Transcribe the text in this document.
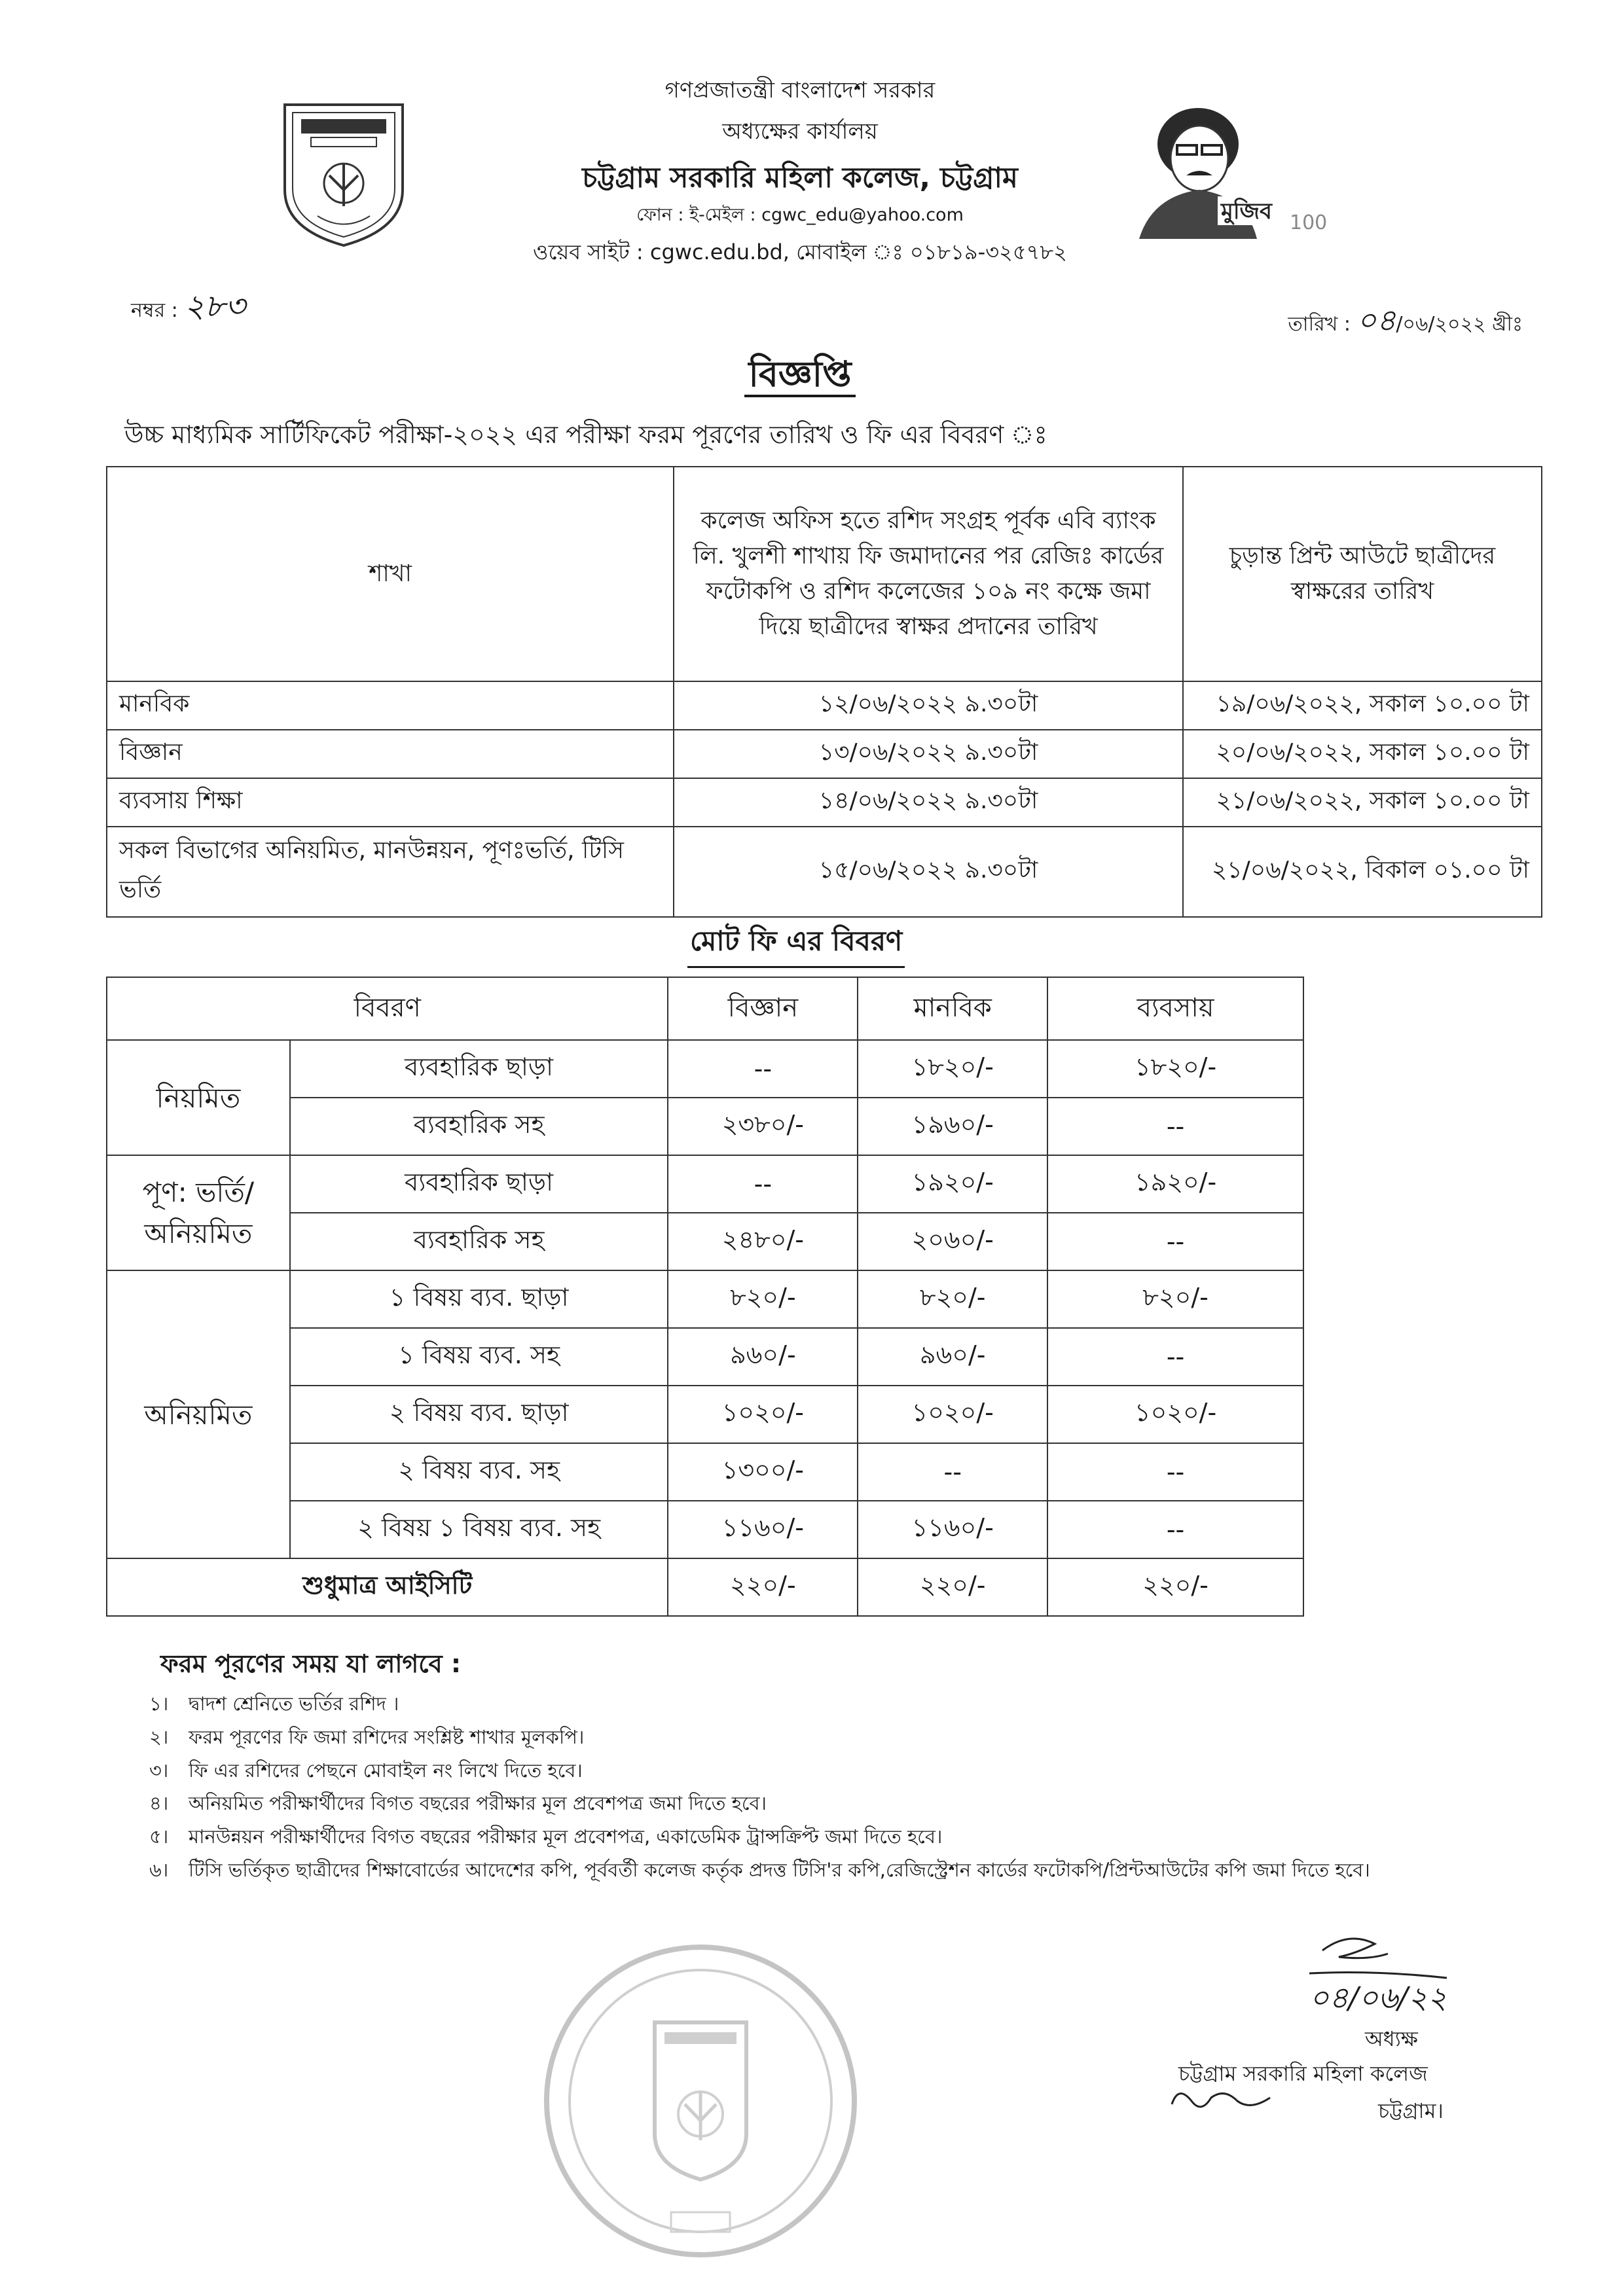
মুজিব 100
গণপ্রজাতন্ত্রী বাংলাদেশ সরকার
অধ্যক্ষের কার্যালয়
চট্টগ্রাম সরকারি মহিলা কলেজ, চট্টগ্রাম
ফোন : ই-মেইল : cgwc_edu@yahoo.com
ওয়েব সাইট : cgwc.edu.bd, মোবাইল ঃ ০১৮১৯-৩২৫৭৮২
নম্বর : ২৮৩	তারিখ : ০৪/০৬/২০২২ খ্রীঃ
বিজ্ঞপ্তি
উচ্চ মাধ্যমিক সার্টিফিকেট পরীক্ষা-২০২২ এর পরীক্ষা ফরম পূরণের তারিখ ও ফি এর বিবরণ ঃ
শাখা	কলেজ অফিস হতে রশিদ সংগ্রহ পূর্বক এবি ব্যাংক লি. খুলশী শাখায় ফি জমাদানের পর রেজিঃ কার্ডের ফটোকপি ও রশিদ কলেজের ১০৯ নং কক্ষে জমা দিয়ে ছাত্রীদের স্বাক্ষর প্রদানের তারিখ	চুড়ান্ত প্রিন্ট আউটে ছাত্রীদের স্বাক্ষরের তারিখ
মানবিক	১২/০৬/২০২২ ৯.৩০টা	১৯/০৬/২০২২, সকাল ১০.০০ টা
বিজ্ঞান	১৩/০৬/২০২২ ৯.৩০টা	২০/০৬/২০২২, সকাল ১০.০০ টা
ব্যবসায় শিক্ষা	১৪/০৬/২০২২ ৯.৩০টা	২১/০৬/২০২২, সকাল ১০.০০ টা
সকল বিভাগের অনিয়মিত, মানউন্নয়ন, পূণঃভর্তি, টিসি ভর্তি	১৫/০৬/২০২২ ৯.৩০টা	২১/০৬/২০২২, বিকাল ০১.০০ টা
মোট ফি এর বিবরণ
বিবরণ		বিজ্ঞান	মানবিক	ব্যবসায়
নিয়মিত	ব্যবহারিক ছাড়া	--	১৮২০/-	১৮২০/-
	ব্যবহারিক সহ	২৩৮০/-	১৯৬০/-	--
পূণ: ভর্তি/ অনিয়মিত	ব্যবহারিক ছাড়া	--	১৯২০/-	১৯২০/-
	ব্যবহারিক সহ	২৪৮০/-	২০৬০/-	--
অনিয়মিত	১ বিষয় ব্যব. ছাড়া	৮২০/-	৮২০/-	৮২০/-
	১ বিষয় ব্যব. সহ	৯৬০/-	৯৬০/-	--
	২ বিষয় ব্যব. ছাড়া	১০২০/-	১০২০/-	১০২০/-
	২ বিষয় ব্যব. সহ	১৩০০/-	--	--
	২ বিষয় ১ বিষয় ব্যব. সহ	১১৬০/-	১১৬০/-	--
শুধুমাত্র আইসিটি		২২০/-	২২০/-	২২০/-
ফরম পূরণের সময় যা লাগবে :
১।	দ্বাদশ শ্রেনিতে ভর্তির রশিদ ।
২।	ফরম পূরণের ফি জমা রশিদের সংশ্লিষ্ট শাখার মূলকপি।
৩।	ফি এর রশিদের পেছনে মোবাইল নং লিখে দিতে হবে।
৪।	অনিয়মিত পরীক্ষার্থীদের বিগত বছরের পরীক্ষার মূল প্রবেশপত্র জমা দিতে হবে।
৫।	মানউন্নয়ন পরীক্ষার্থীদের বিগত বছরের পরীক্ষার মূল প্রবেশপত্র, একাডেমিক ট্রান্সক্রিপ্ট জমা দিতে হবে।
৬।	টিসি ভর্তিকৃত ছাত্রীদের শিক্ষাবোর্ডের আদেশের কপি, পূর্ববর্তী কলেজ কর্তৃক প্রদত্ত টিসি'র কপি,রেজিস্ট্রেশন কার্ডের ফটোকপি/প্রিন্টআউটের কপি জমা দিতে হবে।
০৪/০৬/২২
অধ্যক্ষ
চট্টগ্রাম সরকারি মহিলা কলেজ
চট্টগ্রাম।
